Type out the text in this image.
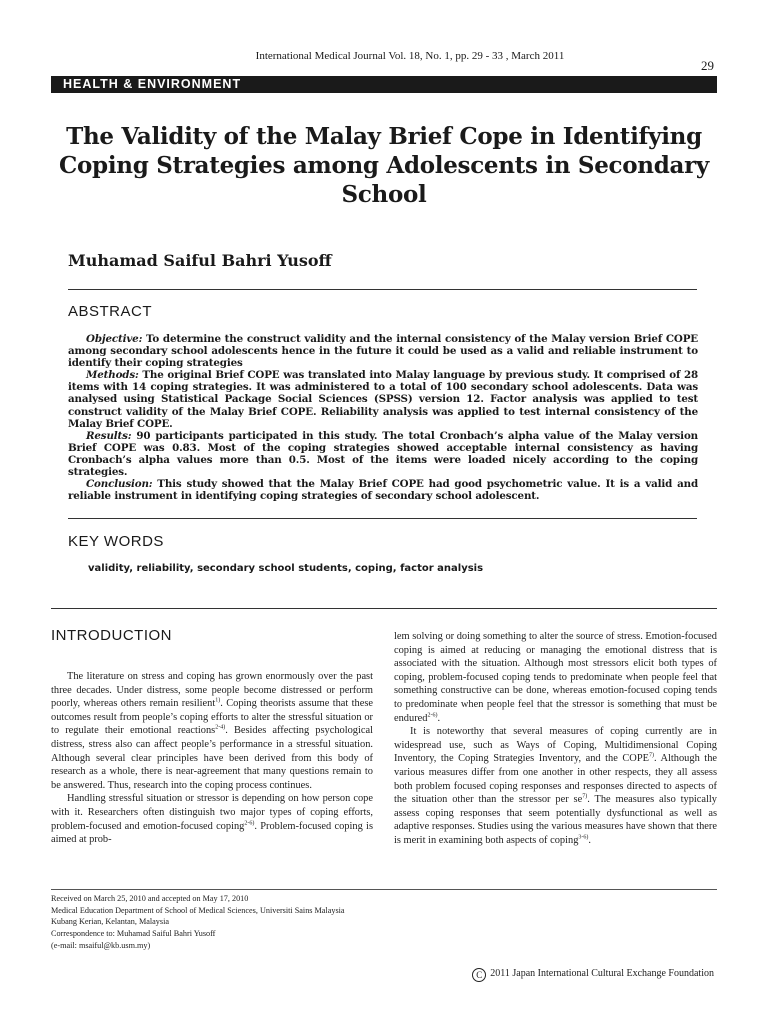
International Medical Journal Vol. 18, No. 1, pp. 29 - 33 , March 2011
29
HEALTH & ENVIRONMENT
The Validity of the Malay Brief Cope in Identifying Coping Strategies among Adolescents in Secondary School
Muhamad Saiful Bahri Yusoff
ABSTRACT

Objective: To determine the construct validity and the internal consistency of the Malay version Brief COPE among secondary school adolescents hence in the future it could be used as a valid and reliable instrument to identify their coping strategies

Methods: The original Brief COPE was translated into Malay language by previous study. It comprised of 28 items with 14 coping strategies. It was administered to a total of 100 secondary school adolescents. Data was analysed using Statistical Package Social Sciences (SPSS) version 12. Factor analysis was applied to test construct validity of the Malay Brief COPE. Reliability analysis was applied to test internal consistency of the Malay Brief COPE.

Results: 90 participants participated in this study. The total Cronbach’s alpha value of the Malay version Brief COPE was 0.83. Most of the coping strategies showed acceptable internal consistency as having Cronbach’s alpha values more than 0.5. Most of the items were loaded nicely according to the coping strategies.

Conclusion: This study showed that the Malay Brief COPE had good psychometric value. It is a valid and reliable instrument in identifying coping strategies of secondary school adolescent.

KEY WORDS
validity, reliability, secondary school students, coping, factor analysis
INTRODUCTION

The literature on stress and coping has grown enormously over the past three decades. Under distress, some people become distressed or perform poorly, whereas others remain resilient$^{1)}$. Coping theorists assume that these outcomes result from people’s coping efforts to alter the stressful situation or to regulate their emotional reactions$^{2-4)}$. Besides affecting psychological distress, stress also can affect people’s performance in a stressful situation. Although several clear principles have been derived from this body of research as a whole, there is near-agreement that many questions remain to be answered. Thus, research into the coping process continues.

Handling stressful situation or stressor is depending on how person cope with it. Researchers often distinguish two major types of coping efforts, problem-focused and emotion-focused coping$^{2-6)}$. Problem-focused coping is aimed at prob-

lem solving or doing something to alter the source of stress. Emotion-focused coping is aimed at reducing or managing the emotional distress that is associated with the situation. Although most stressors elicit both types of coping, problem-focused coping tends to predominate when people feel that something constructive can be done, whereas emotion-focused coping tends to predominate when people feel that the stressor is something that must be endured$^{2-6)}$.

It is noteworthy that several measures of coping currently are in widespread use, such as Ways of Coping, Multidimensional Coping Inventory, the Coping Strategies Inventory, and the COPE$^{7)}$. Although the various measures differ from one another in other respects, they all assess both problem focused coping responses and responses directed to aspects of the situation other than the stressor per $se^{7)}$. The measures also typically assess coping responses that seem potentially dysfunctional as well as adaptive responses. Studies using the various measures have shown that there is merit in examining both aspects of coping$^{3-6)}$.

Received on March 25, 2010 and accepted on May 17, 2010
Medical Education Department of School of Medical Sciences, Universiti Sains Malaysia
Kubang Kerian, Kelantan, Malaysia
Correspondence to: Muhamad Saiful Bahri Yusoff
(e-mail: msaiful@kb.usm.my)
C 2011 Japan International Cultural Exchange Foundation
